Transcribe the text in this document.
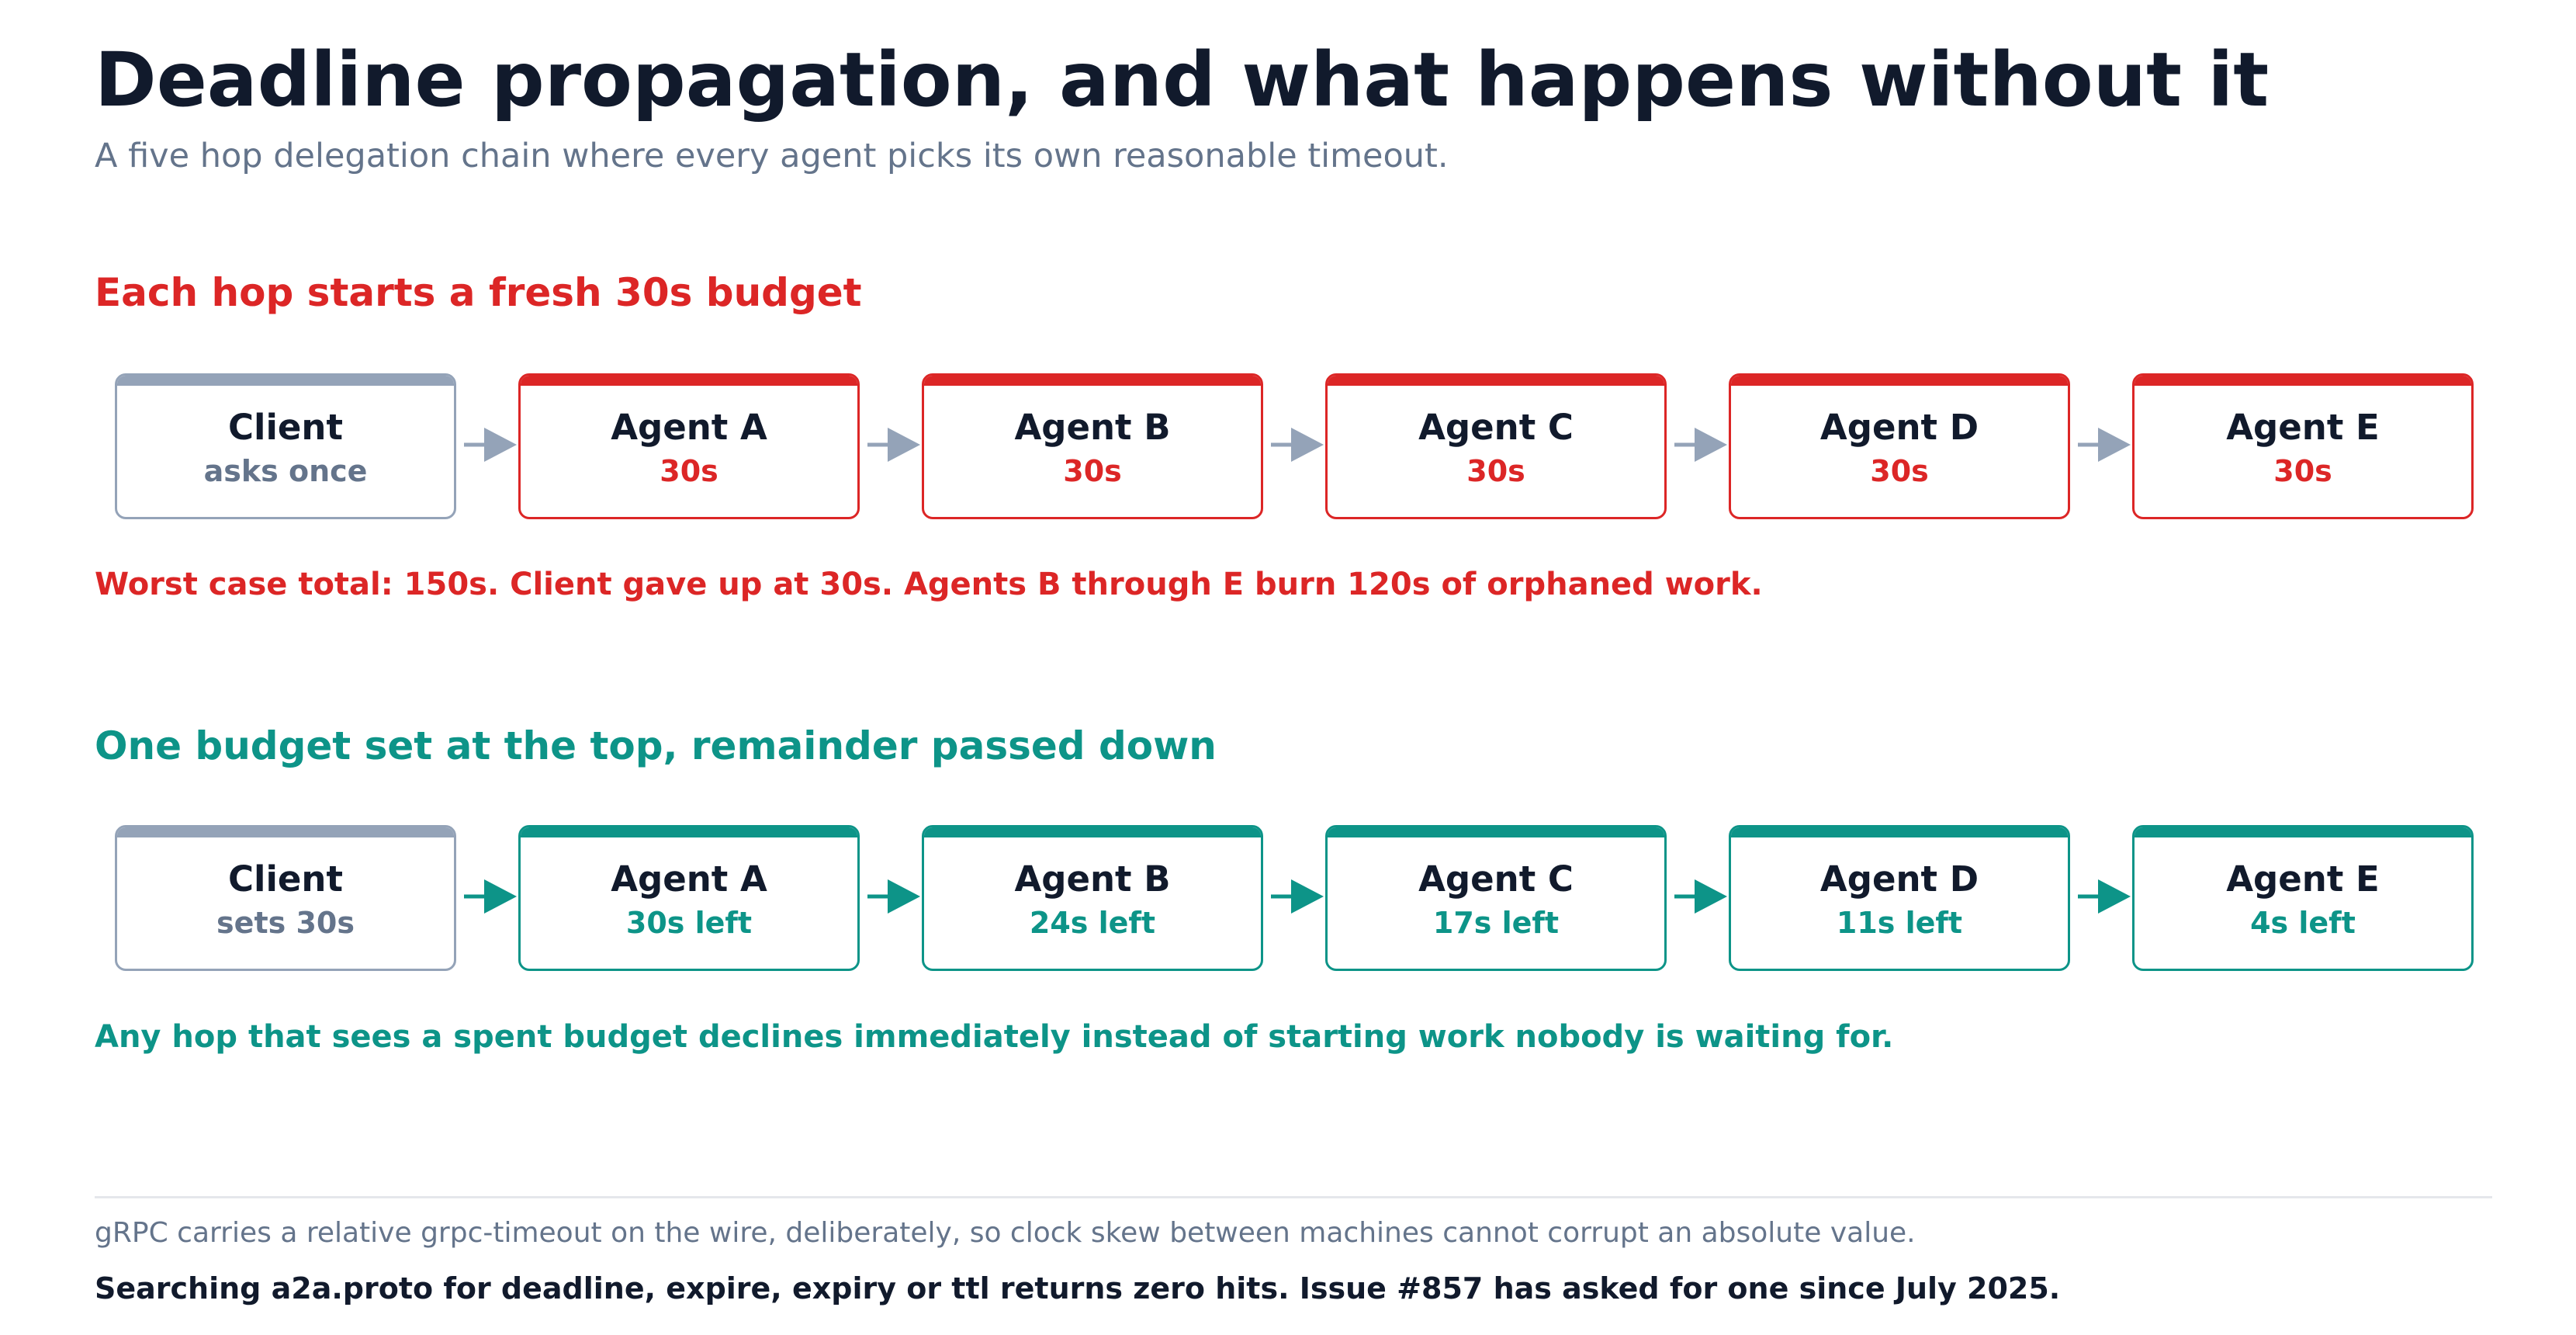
Deadline propagation, and what happens without it
A five hop delegation chain where every agent picks its own reasonable timeout.
Each hop starts a fresh 30s budget
Client
asks once
Agent A
30s
Agent B
30s
Agent C
30s
Agent D
30s
Agent E
30s
Worst case total: 150s. Client gave up at 30s. Agents B through E burn 120s of orphaned work.
One budget set at the top, remainder passed down
Client
sets 30s
Agent A
30s left
Agent B
24s left
Agent C
17s left
Agent D
11s left
Agent E
4s left
Any hop that sees a spent budget declines immediately instead of starting work nobody is waiting for.
gRPC carries a relative grpc-timeout on the wire, deliberately, so clock skew between machines cannot corrupt an absolute value.
Searching a2a.proto for deadline, expire, expiry or ttl returns zero hits. Issue #857 has asked for one since July 2025.
